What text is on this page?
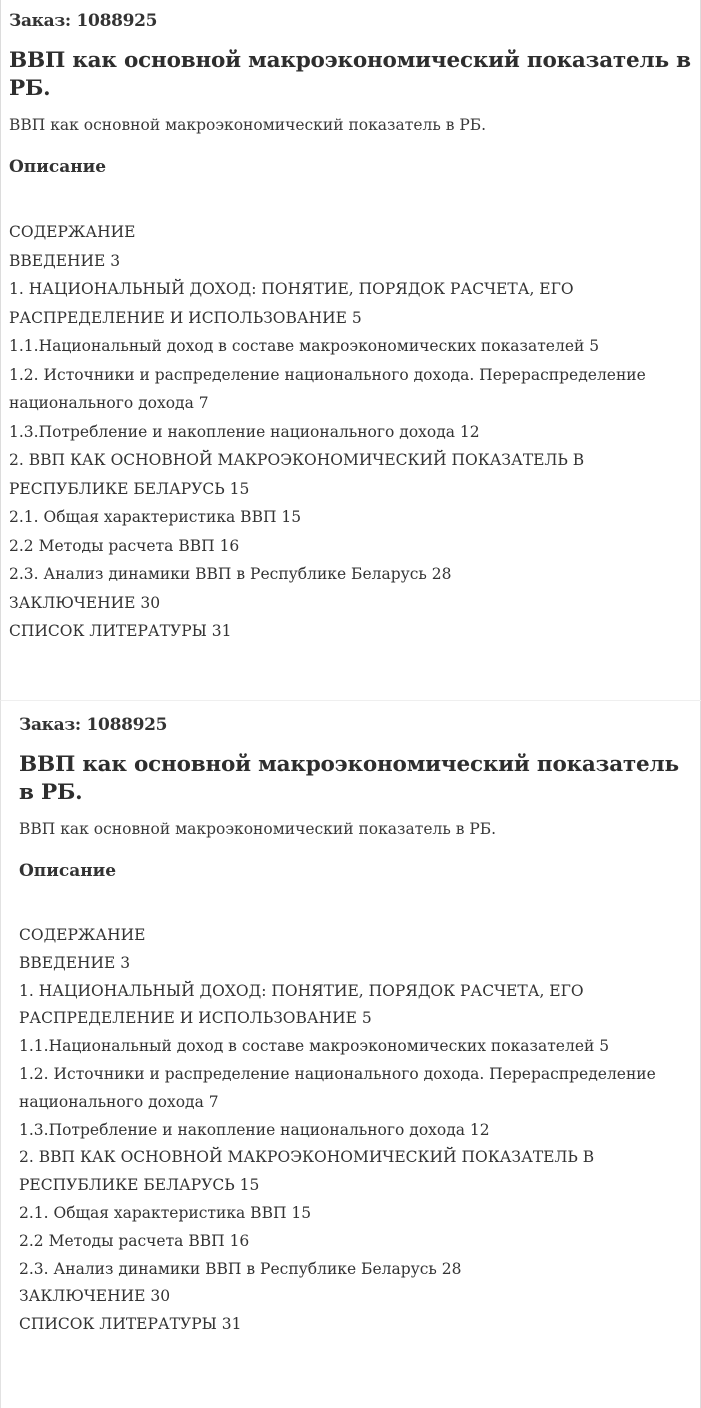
Заказ: 1088925
ВВП как основной макроэкономический показатель в РБ.
ВВП как основной макроэкономический показатель в РБ.
Описание
СОДЕРЖАНИЕ
ВВЕДЕНИЕ 3
1. НАЦИОНАЛЬНЫЙ ДОХОД: ПОНЯТИЕ, ПОРЯДОК РАСЧЕТА, ЕГО РАСПРЕДЕЛЕНИЕ И ИСПОЛЬЗОВАНИЕ 5
1.1.Национальный доход в составе макроэкономических показателей 5
1.2. Источники и распределение национального дохода. Перераспределение национального дохода 7
1.3.Потребление и накопление национального дохода 12
2. ВВП КАК ОСНОВНОЙ МАКРОЭКОНОМИЧЕСКИЙ ПОКАЗАТЕЛЬ В РЕСПУБЛИКЕ БЕЛАРУСЬ 15
2.1. Общая характеристика ВВП 15
2.2 Методы расчета ВВП 16
2.3. Анализ динамики ВВП в Республике Беларусь 28
ЗАКЛЮЧЕНИЕ 30
СПИСОК ЛИТЕРАТУРЫ 31
Заказ: 1088925
ВВП как основной макроэкономический показатель в РБ.
ВВП как основной макроэкономический показатель в РБ.
Описание
СОДЕРЖАНИЕ
ВВЕДЕНИЕ 3
1. НАЦИОНАЛЬНЫЙ ДОХОД: ПОНЯТИЕ, ПОРЯДОК РАСЧЕТА, ЕГО РАСПРЕДЕЛЕНИЕ И ИСПОЛЬЗОВАНИЕ 5
1.1.Национальный доход в составе макроэкономических показателей 5
1.2. Источники и распределение национального дохода. Перераспределение национального дохода 7
1.3.Потребление и накопление национального дохода 12
2. ВВП КАК ОСНОВНОЙ МАКРОЭКОНОМИЧЕСКИЙ ПОКАЗАТЕЛЬ В РЕСПУБЛИКЕ БЕЛАРУСЬ 15
2.1. Общая характеристика ВВП 15
2.2 Методы расчета ВВП 16
2.3. Анализ динамики ВВП в Республике Беларусь 28
ЗАКЛЮЧЕНИЕ 30
СПИСОК ЛИТЕРАТУРЫ 31
